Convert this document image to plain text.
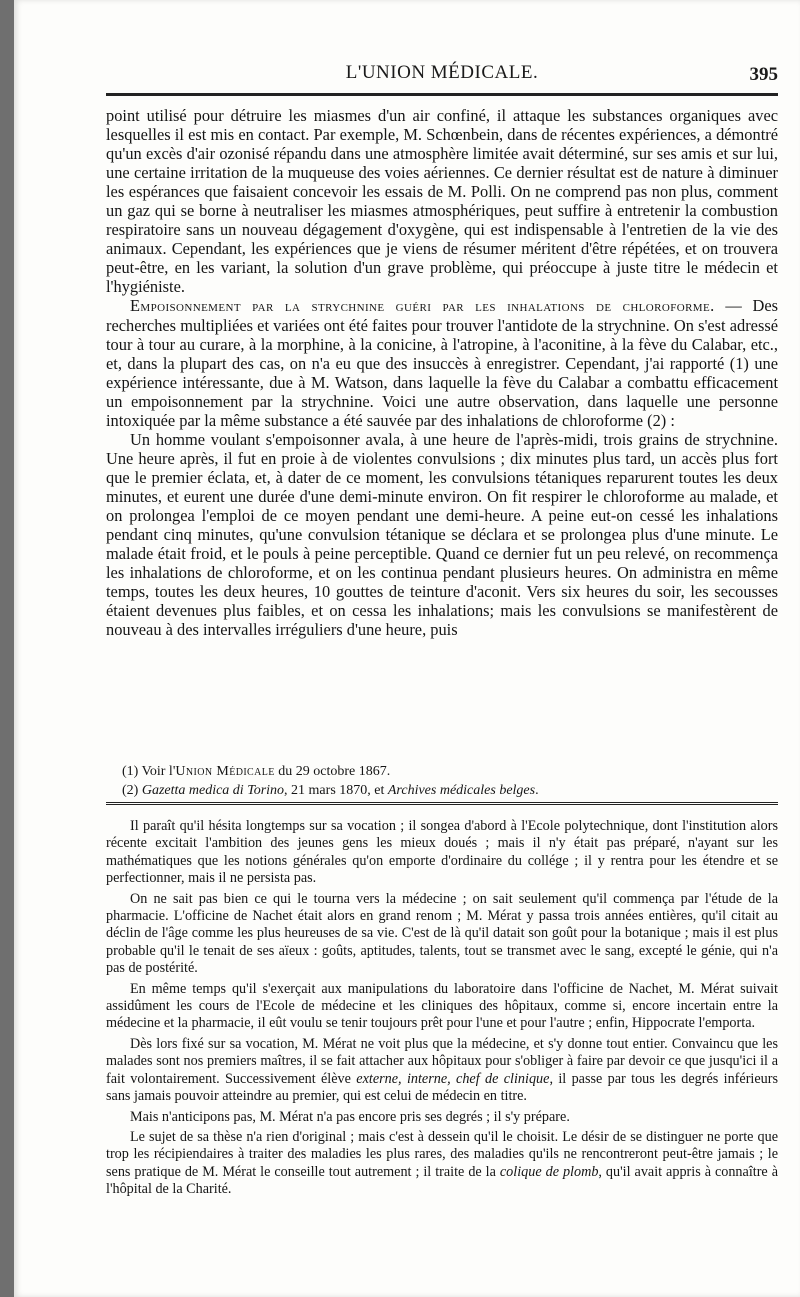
L'UNION MÉDICALE.	395

point utilisé pour détruire les miasmes d'un air confiné, il attaque les substances organiques avec lesquelles il est mis en contact. Par exemple, M. Schœnbein, dans de récentes expériences, a démontré qu'un excès d'air ozonisé répandu dans une atmosphère limitée avait déterminé, sur ses amis et sur lui, une certaine irritation de la muqueuse des voies aériennes. Ce dernier résultat est de nature à diminuer les espérances que faisaient concevoir les essais de M. Polli. On ne comprend pas non plus, comment un gaz qui se borne à neutraliser les miasmes atmosphériques, peut suffire à entretenir la combustion respiratoire sans un nouveau dégagement d'oxygène, qui est indispensable à l'entretien de la vie des animaux. Cependant, les expériences que je viens de résumer méritent d'être répétées, et on trouvera peut-être, en les variant, la solution d'un grave problème, qui préoccupe à juste titre le médecin et l'hygiéniste.

Empoisonnement par la strychnine guéri par les inhalations de chloroforme. — Des recherches multipliées et variées ont été faites pour trouver l'antidote de la strychnine. On s'est adressé tour à tour au curare, à la morphine, à la conicine, à l'atropine, à l'aconitine, à la fève du Calabar, etc., et, dans la plupart des cas, on n'a eu que des insuccès à enregistrer. Cependant, j'ai rapporté (1) une expérience intéressante, due à M. Watson, dans laquelle la fève du Calabar a combattu efficacement un empoisonnement par la strychnine. Voici une autre observation, dans laquelle une personne intoxiquée par la même substance a été sauvée par des inhalations de chloroforme (2) :

Un homme voulant s'empoisonner avala, à une heure de l'après-midi, trois grains de strychnine. Une heure après, il fut en proie à de violentes convulsions ; dix minutes plus tard, un accès plus fort que le premier éclata, et, à dater de ce moment, les convulsions tétaniques reparurent toutes les deux minutes, et eurent une durée d'une demi-minute environ. On fit respirer le chloroforme au malade, et on prolongea l'emploi de ce moyen pendant une demi-heure. A peine eut-on cessé les inhalations pendant cinq minutes, qu'une convulsion tétanique se déclara et se prolongea plus d'une minute. Le malade était froid, et le pouls à peine perceptible. Quand ce dernier fut un peu relevé, on recommença les inhalations de chloroforme, et on les continua pendant plusieurs heures. On administra en même temps, toutes les deux heures, 10 gouttes de teinture d'aconit. Vers six heures du soir, les secousses étaient devenues plus faibles, et on cessa les inhalations; mais les convulsions se manifestèrent de nouveau à des intervalles irréguliers d'une heure, puis

(1) Voir l'Union Médicale du 29 octobre 1867.

(2) Gazetta medica di Torino, 21 mars 1870, et Archives médicales belges.

Il paraît qu'il hésita longtemps sur sa vocation ; il songea d'abord à l'Ecole polytechnique, dont l'institution alors récente excitait l'ambition des jeunes gens les mieux doués ; mais il n'y était pas préparé, n'ayant sur les mathématiques que les notions générales qu'on emporte d'ordinaire du collége ; il y rentra pour les étendre et se perfectionner, mais il ne persista pas.

On ne sait pas bien ce qui le tourna vers la médecine ; on sait seulement qu'il commença par l'étude de la pharmacie. L'officine de Nachet était alors en grand renom ; M. Mérat y passa trois années entières, qu'il citait au déclin de l'âge comme les plus heureuses de sa vie. C'est de là qu'il datait son goût pour la botanique ; mais il est plus probable qu'il le tenait de ses aïeux : goûts, aptitudes, talents, tout se transmet avec le sang, excepté le génie, qui n'a pas de postérité.

En même temps qu'il s'exerçait aux manipulations du laboratoire dans l'officine de Nachet, M. Mérat suivait assidûment les cours de l'Ecole de médecine et les cliniques des hôpitaux, comme si, encore incertain entre la médecine et la pharmacie, il eût voulu se tenir toujours prêt pour l'une et pour l'autre ; enfin, Hippocrate l'emporta.

Dès lors fixé sur sa vocation, M. Mérat ne voit plus que la médecine, et s'y donne tout entier. Convaincu que les malades sont nos premiers maîtres, il se fait attacher aux hôpitaux pour s'obliger à faire par devoir ce que jusqu'ici il a fait volontairement. Successivement élève externe, interne, chef de clinique, il passe par tous les degrés inférieurs sans jamais pouvoir atteindre au premier, qui est celui de médecin en titre.

Mais n'anticipons pas, M. Mérat n'a pas encore pris ses degrés ; il s'y prépare.

Le sujet de sa thèse n'a rien d'original ; mais c'est à dessein qu'il le choisit. Le désir de se distinguer ne porte que trop les récipiendaires à traiter des maladies les plus rares, des maladies qu'ils ne rencontreront peut-être jamais ; le sens pratique de M. Mérat le conseille tout autrement ; il traite de la colique de plomb, qu'il avait appris à connaître à l'hôpital de la Charité.
